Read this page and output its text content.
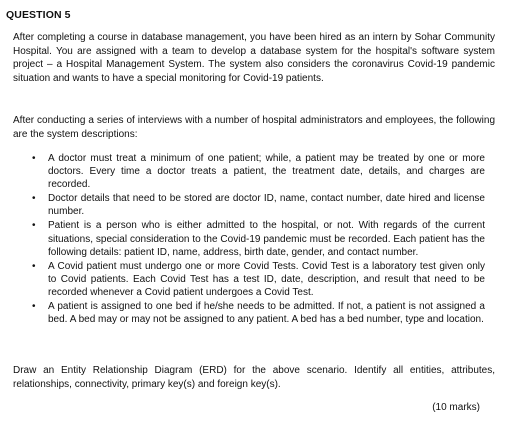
QUESTION 5
After completing a course in database management, you have been hired as an intern by Sohar Community Hospital. You are assigned with a team to develop a database system for the hospital's software system project – a Hospital Management System. The system also considers the coronavirus Covid-19 pandemic situation and wants to have a special monitoring for Covid-19 patients.
After conducting a series of interviews with a number of hospital administrators and employees, the following are the system descriptions:
• A doctor must treat a minimum of one patient; while, a patient may be treated by one or more doctors. Every time a doctor treats a patient, the treatment date, details, and charges are recorded.
• Doctor details that need to be stored are doctor ID, name, contact number, date hired and license number.
• Patient is a person who is either admitted to the hospital, or not. With regards of the current situations, special consideration to the Covid-19 pandemic must be recorded. Each patient has the following details: patient ID, name, address, birth date, gender, and contact number.
• A Covid patient must undergo one or more Covid Tests. Covid Test is a laboratory test given only to Covid patients. Each Covid Test has a test ID, date, description, and result that need to be recorded whenever a Covid patient undergoes a Covid Test.
• A patient is assigned to one bed if he/she needs to be admitted. If not, a patient is not assigned a bed. A bed may or may not be assigned to any patient. A bed has a bed number, type and location.
Draw an Entity Relationship Diagram (ERD) for the above scenario. Identify all entities, attributes, relationships, connectivity, primary key(s) and foreign key(s).
(10 marks)
